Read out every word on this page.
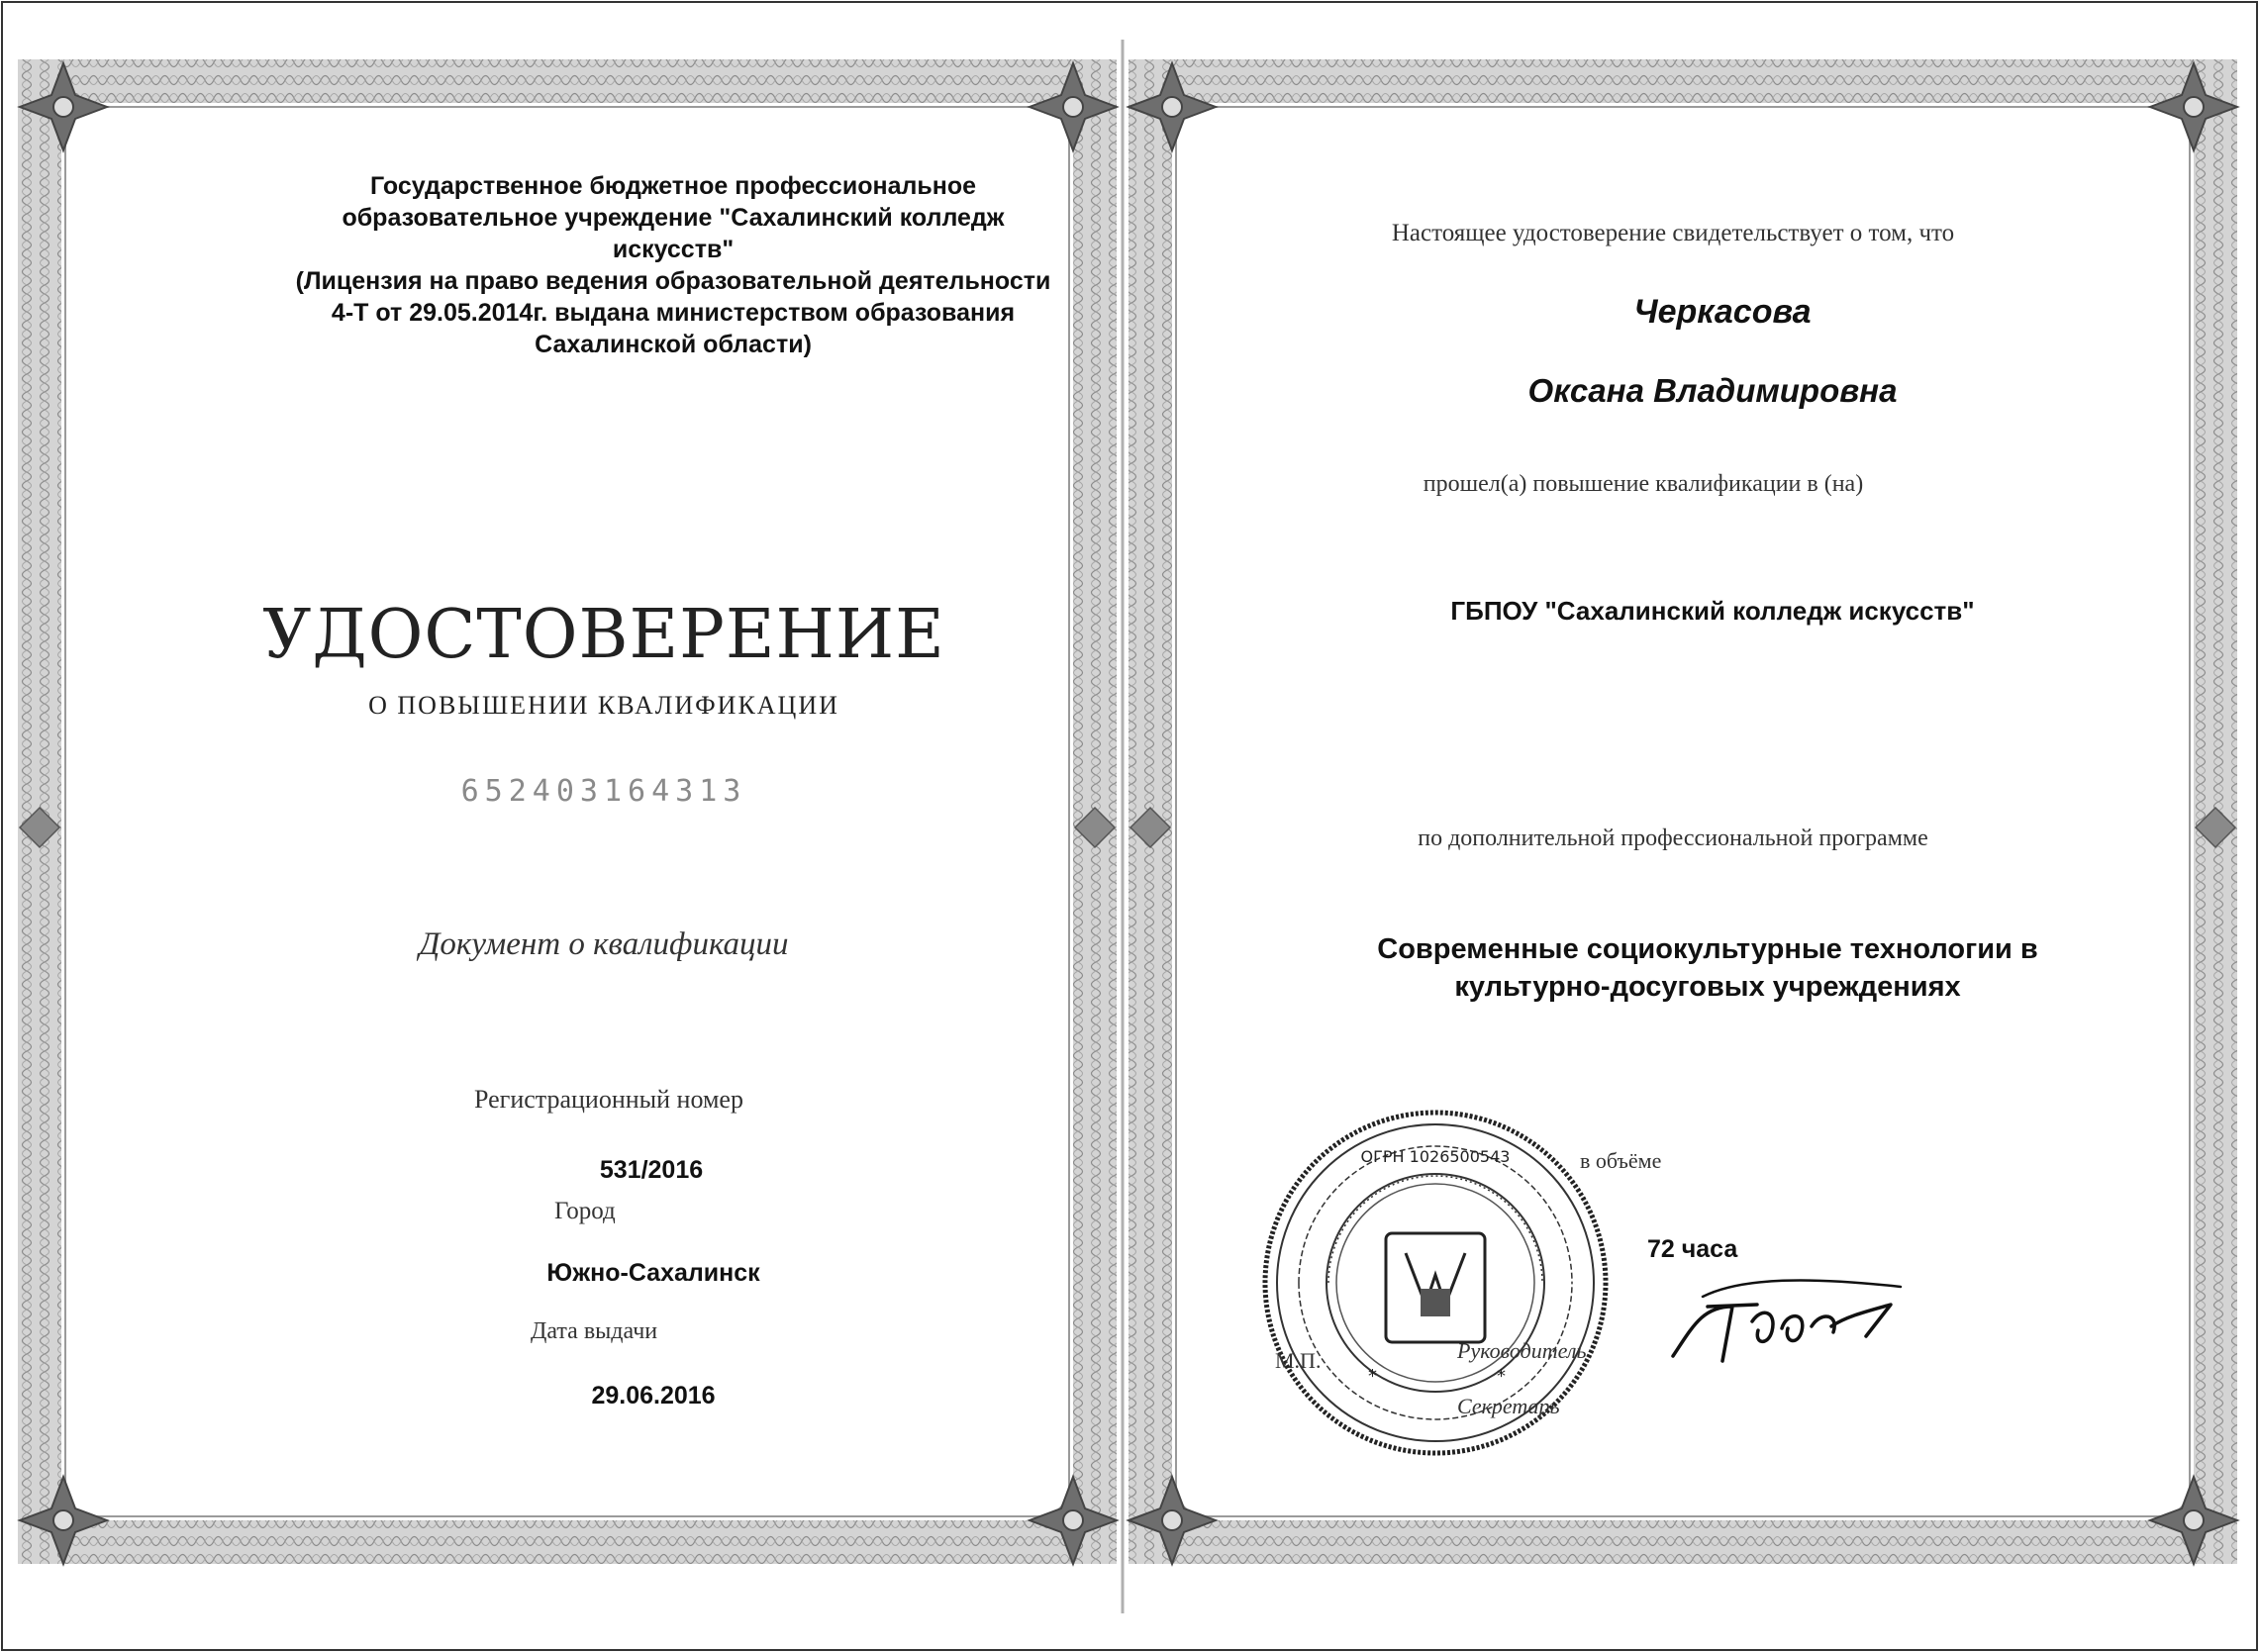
Государственное бюджетное профессиональное
образовательное учреждение "Сахалинский колледж
искусств"
(Лицензия на право ведения образовательной деятельности
4-Т от 29.05.2014г. выдана министерством образования
Сахалинской области)
УДОСТОВЕРЕНИЕ
О ПОВЫШЕНИИ КВАЛИФИКАЦИИ
652403164313
Документ о квалификации
Регистрационный номер
531/2016
Город
Южно-Сахалинск
Дата выдачи
29.06.2016
Настоящее удостоверение свидетельствует о том, что
Черкасова
Оксана Владимировна
прошел(а) повышение квалификации в (на)
ГБПОУ "Сахалинский колледж искусств"
по дополнительной профессиональной программе
Современные социокультурные технологии в
культурно-досуговых учреждениях
в объёме
72 часа
ОГРН 1026500543
*	*
М.П.	Руководитель
Секретарь
